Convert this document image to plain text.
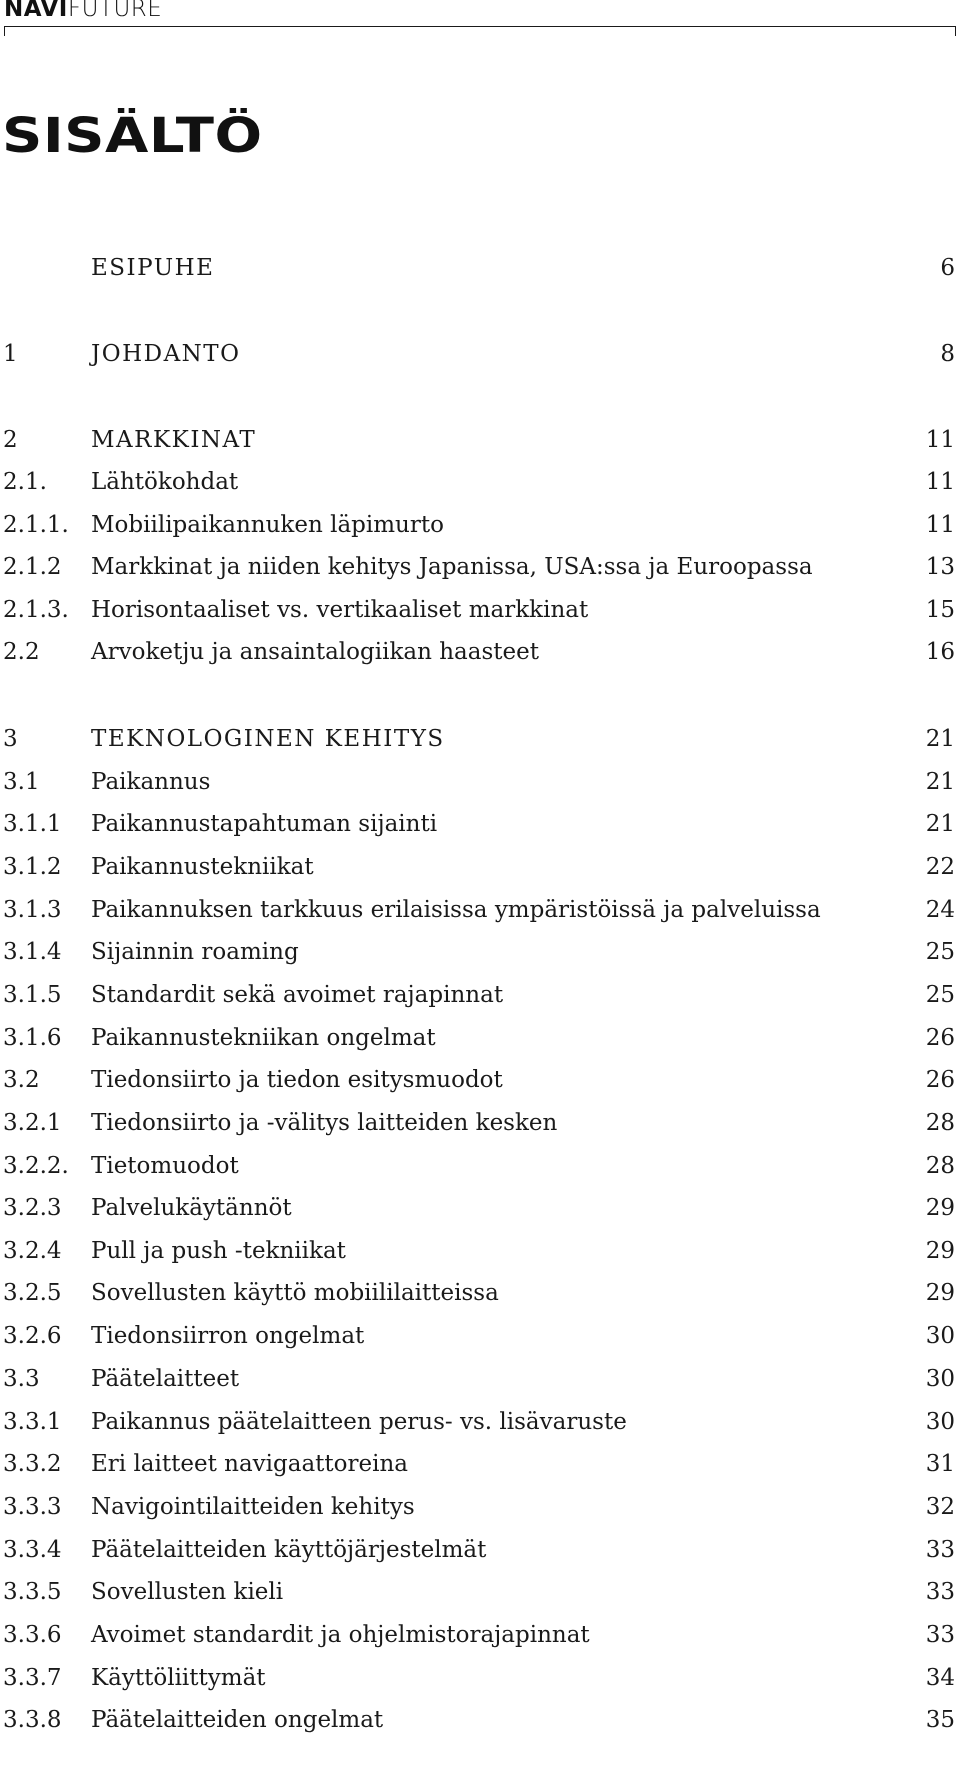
NAVIFUTURE
SISÄLTÖ
ESIPUHE	6
1	JOHDANTO	8
2	MARKKINAT	11
2.1. Lähtökohdat	11
2.1.1. Mobiilipaikannuken läpimurto	11
2.1.2 Markkinat ja niiden kehitys Japanissa, USA:ssa ja Euroopassa	13
2.1.3. Horisontaaliset vs. vertikaaliset markkinat	15
2.2 Arvoketju ja ansaintalogiikan haasteet	16
3	TEKNOLOGINEN KEHITYS	21
3.1 Paikannus	21
3.1.1 Paikannustapahtuman sijainti	21
3.1.2 Paikannustekniikat	22
3.1.3 Paikannuksen tarkkuus erilaisissa ympäristöissä ja palveluissa	24
3.1.4 Sijainnin roaming	25
3.1.5 Standardit sekä avoimet rajapinnat	25
3.1.6 Paikannustekniikan ongelmat	26
3.2 Tiedonsiirto ja tiedon esitysmuodot	26
3.2.1 Tiedonsiirto ja -välitys laitteiden kesken	28
3.2.2. Tietomuodot	28
3.2.3 Palvelukäytännöt	29
3.2.4 Pull ja push -tekniikat	29
3.2.5 Sovellusten käyttö mobiililaitteissa	29
3.2.6 Tiedonsiirron ongelmat	30
3.3 Päätelaitteet	30
3.3.1 Paikannus päätelaitteen perus- vs. lisävaruste	30
3.3.2 Eri laitteet navigaattoreina	31
3.3.3 Navigointilaitteiden kehitys	32
3.3.4 Päätelaitteiden käyttöjärjestelmät	33
3.3.5 Sovellusten kieli	33
3.3.6 Avoimet standardit ja ohjelmistorajapinnat	33
3.3.7 Käyttöliittymät	34
3.3.8 Päätelaitteiden ongelmat	35
